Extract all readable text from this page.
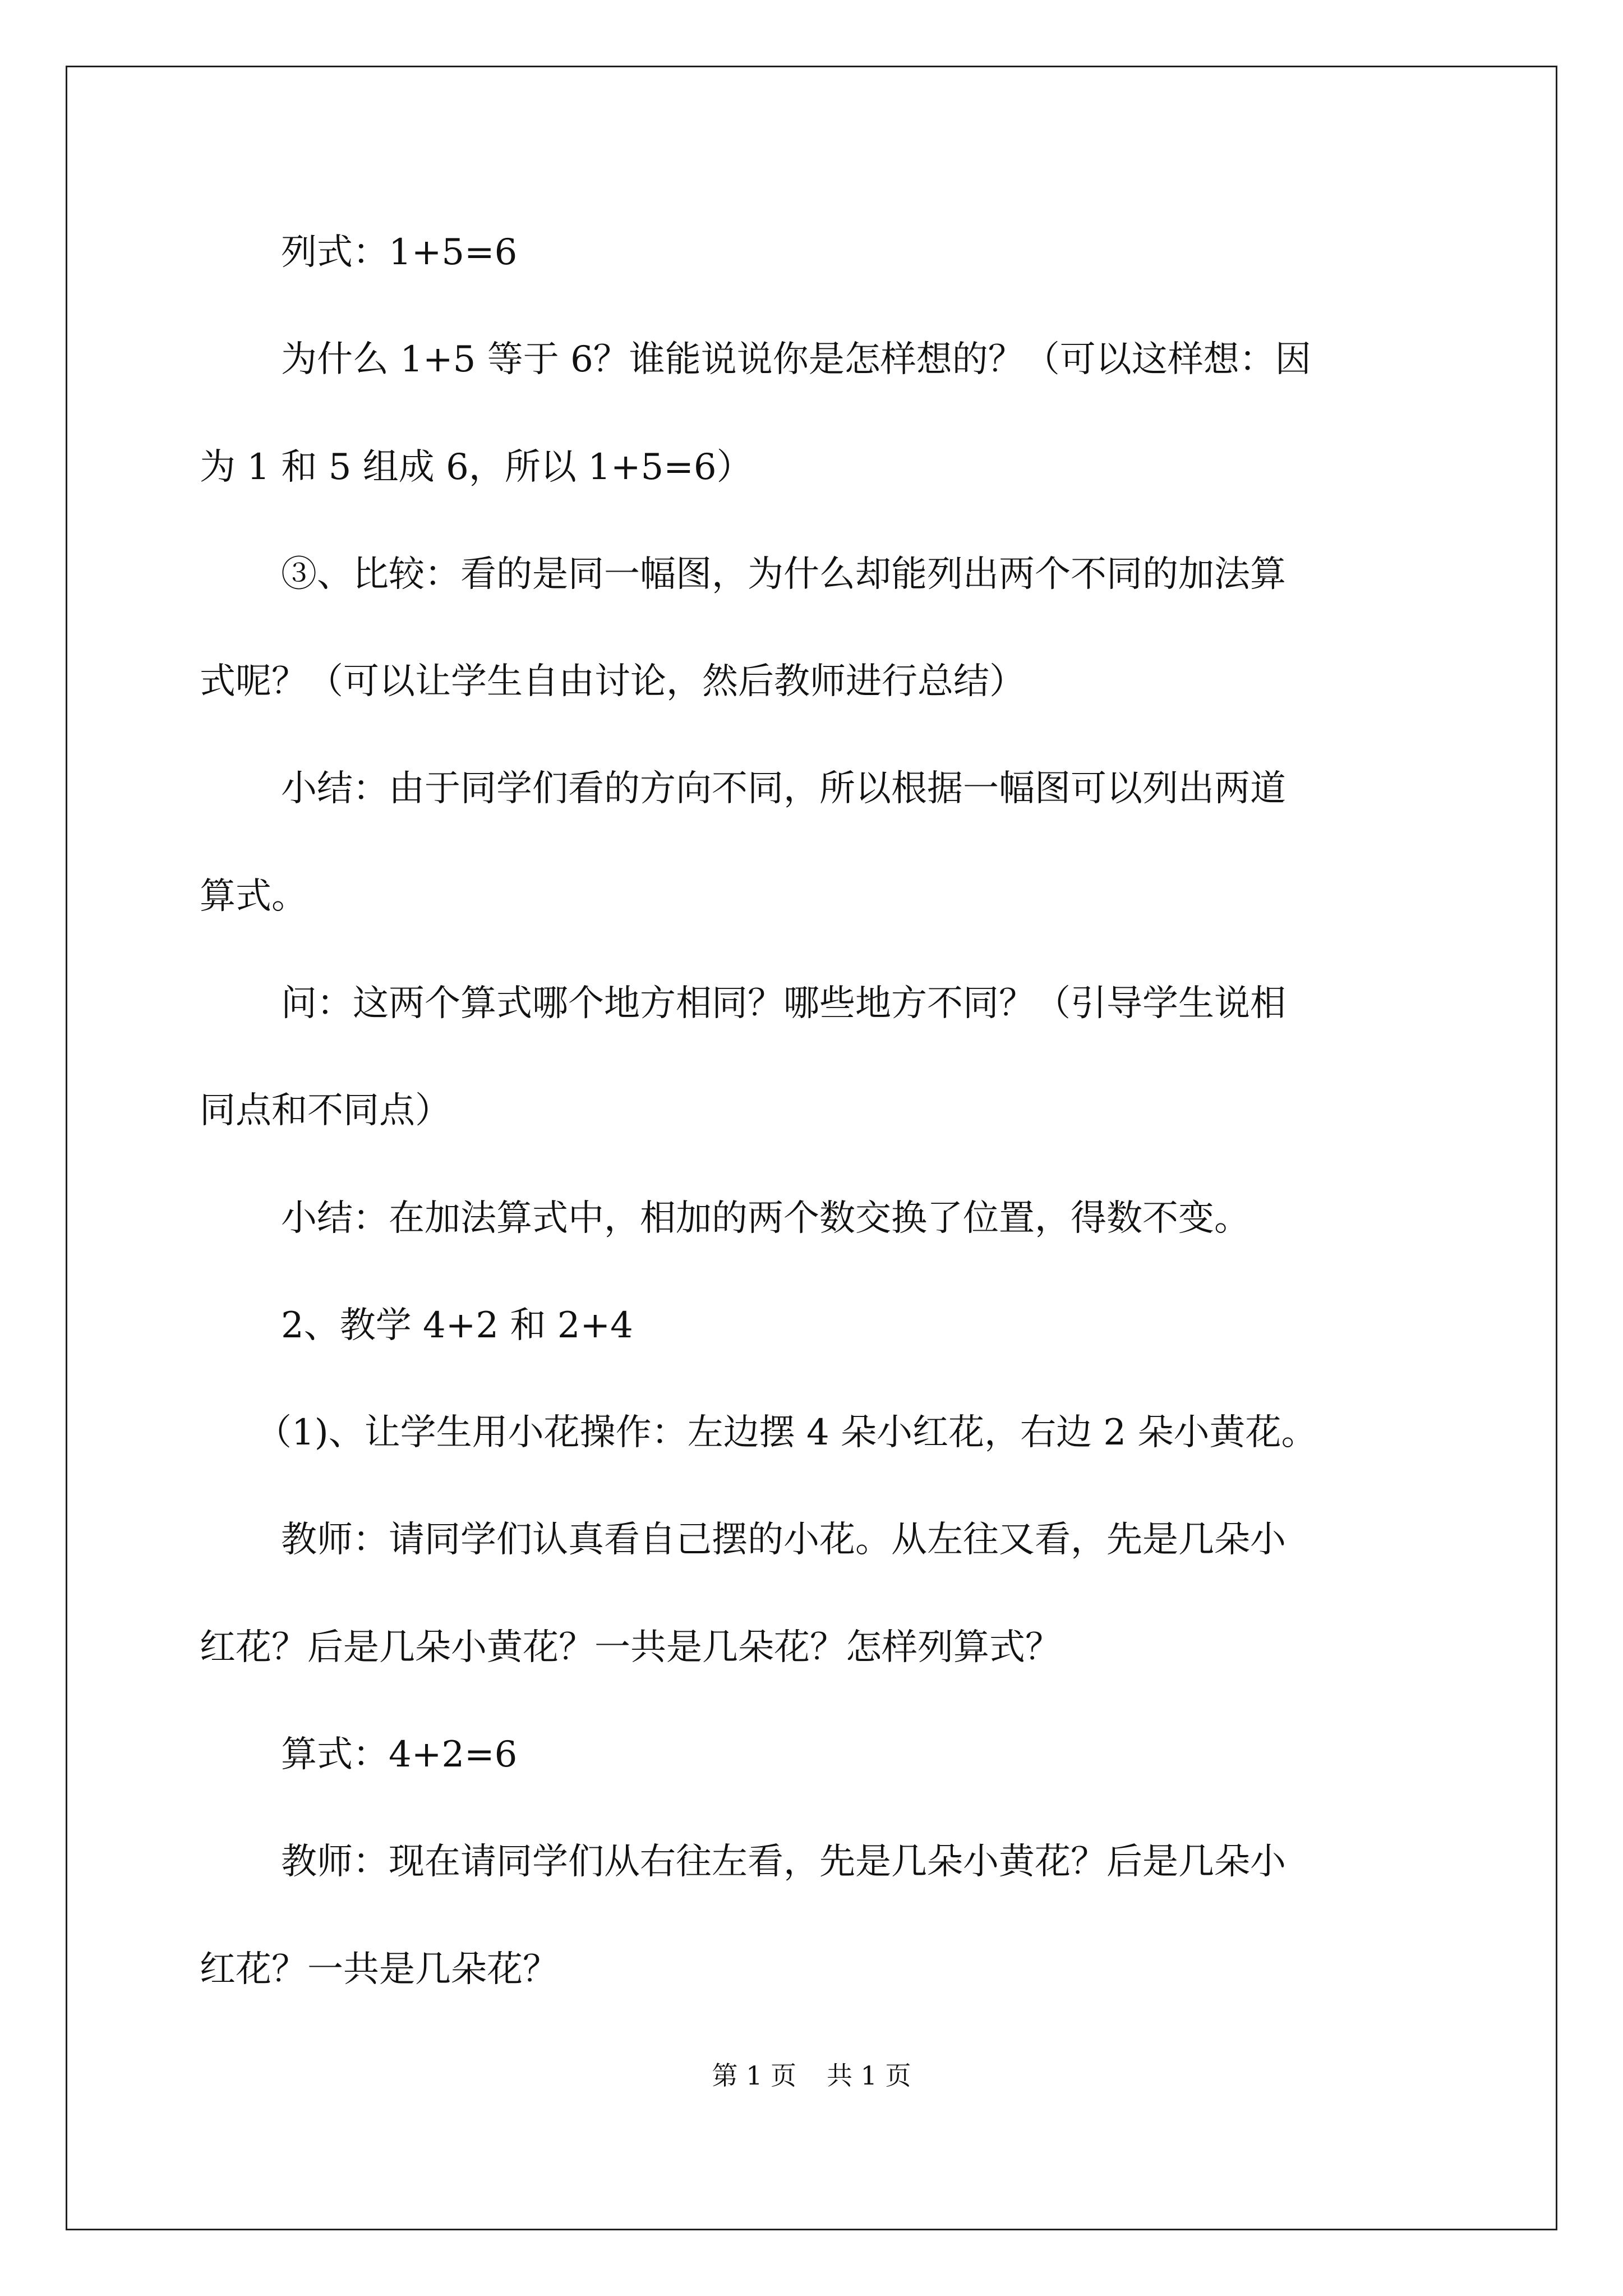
列式：1+5=6

为什么 1+5 等于 6？谁能说说你是怎样想的？（可以这样想：因

为 1 和 5 组成 6，所以 1+5=6）

③、比较：看的是同一幅图，为什么却能列出两个不同的加法算

式呢？（可以让学生自由讨论，然后教师进行总结）

小结：由于同学们看的方向不同，所以根据一幅图可以列出两道

算式。

问：这两个算式哪个地方相同？哪些地方不同？（引导学生说相

同点和不同点）

小结：在加法算式中，相加的两个数交换了位置，得数不变。

2、教学 4+2 和 2+4

（1)、让学生用小花操作：左边摆 4 朵小红花，右边 2 朵小黄花。

教师：请同学们认真看自己摆的小花。从左往又看，先是几朵小

红花？后是几朵小黄花？一共是几朵花？怎样列算式？

算式：4+2=6

教师：现在请同学们从右往左看，先是几朵小黄花？后是几朵小

红花？一共是几朵花？

第 1 页 共 1 页
